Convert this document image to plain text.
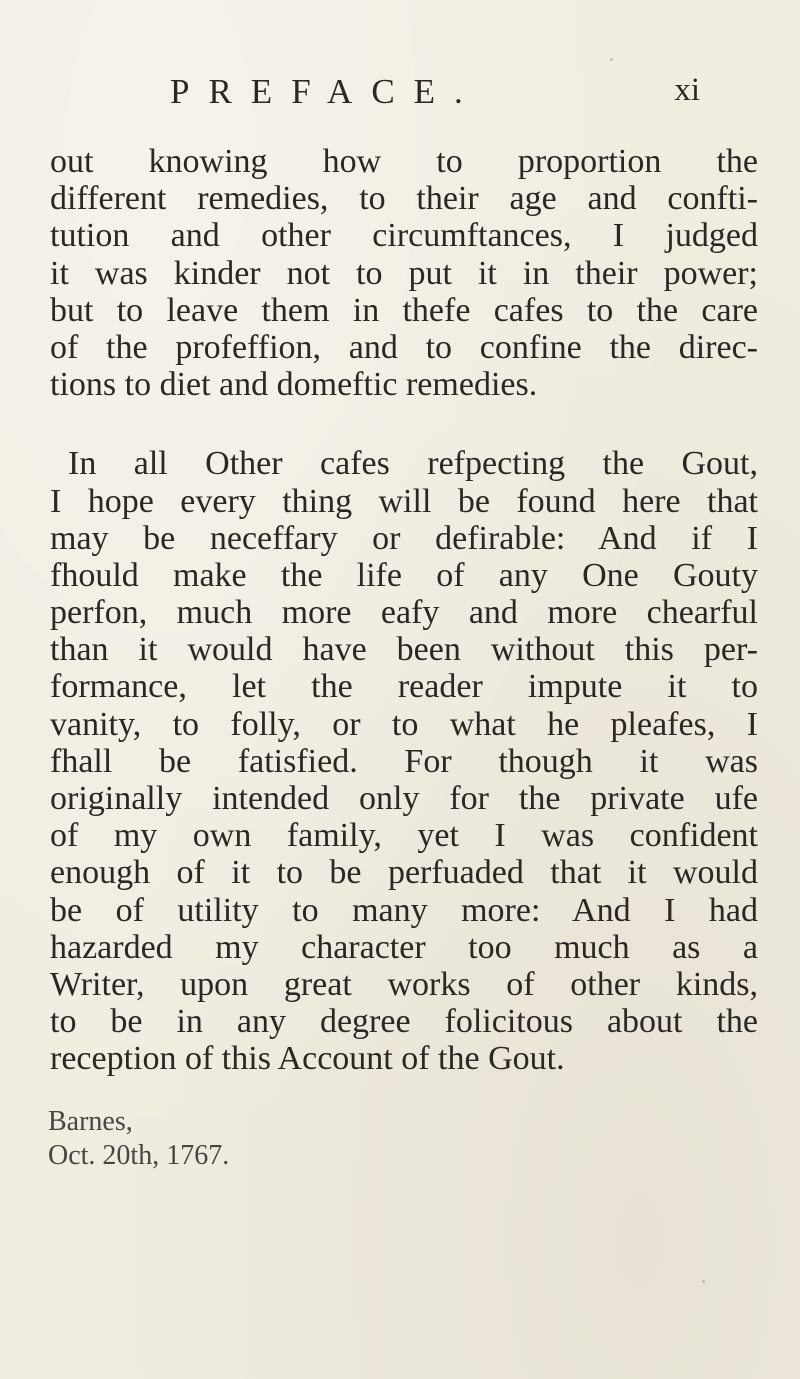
PREFACE.	xi
out knowing how to proportion the
different remedies, to their age and confti-
tution and other circumftances, I judged
it was kinder not to put it in their power;
but to leave them in thefe cafes to the care
of the profeffion, and to confine the direc-
tions to diet and domeftic remedies.
In all Other cafes refpecting the Gout,
I hope every thing will be found here that
may be neceffary or defirable: And if I
fhould make the life of any One Gouty
perfon, much more eafy and more chearful
than it would have been without this per-
formance, let the reader impute it to
vanity, to folly, or to what he pleafes, I
fhall be fatisfied. For though it was
originally intended only for the private ufe
of my own family, yet I was confident
enough of it to be perfuaded that it would
be of utility to many more: And I had
hazarded my character too much as a
Writer, upon great works of other kinds,
to be in any degree folicitous about the
reception of this Account of the Gout.
Barnes,
Oct. 20th, 1767.
